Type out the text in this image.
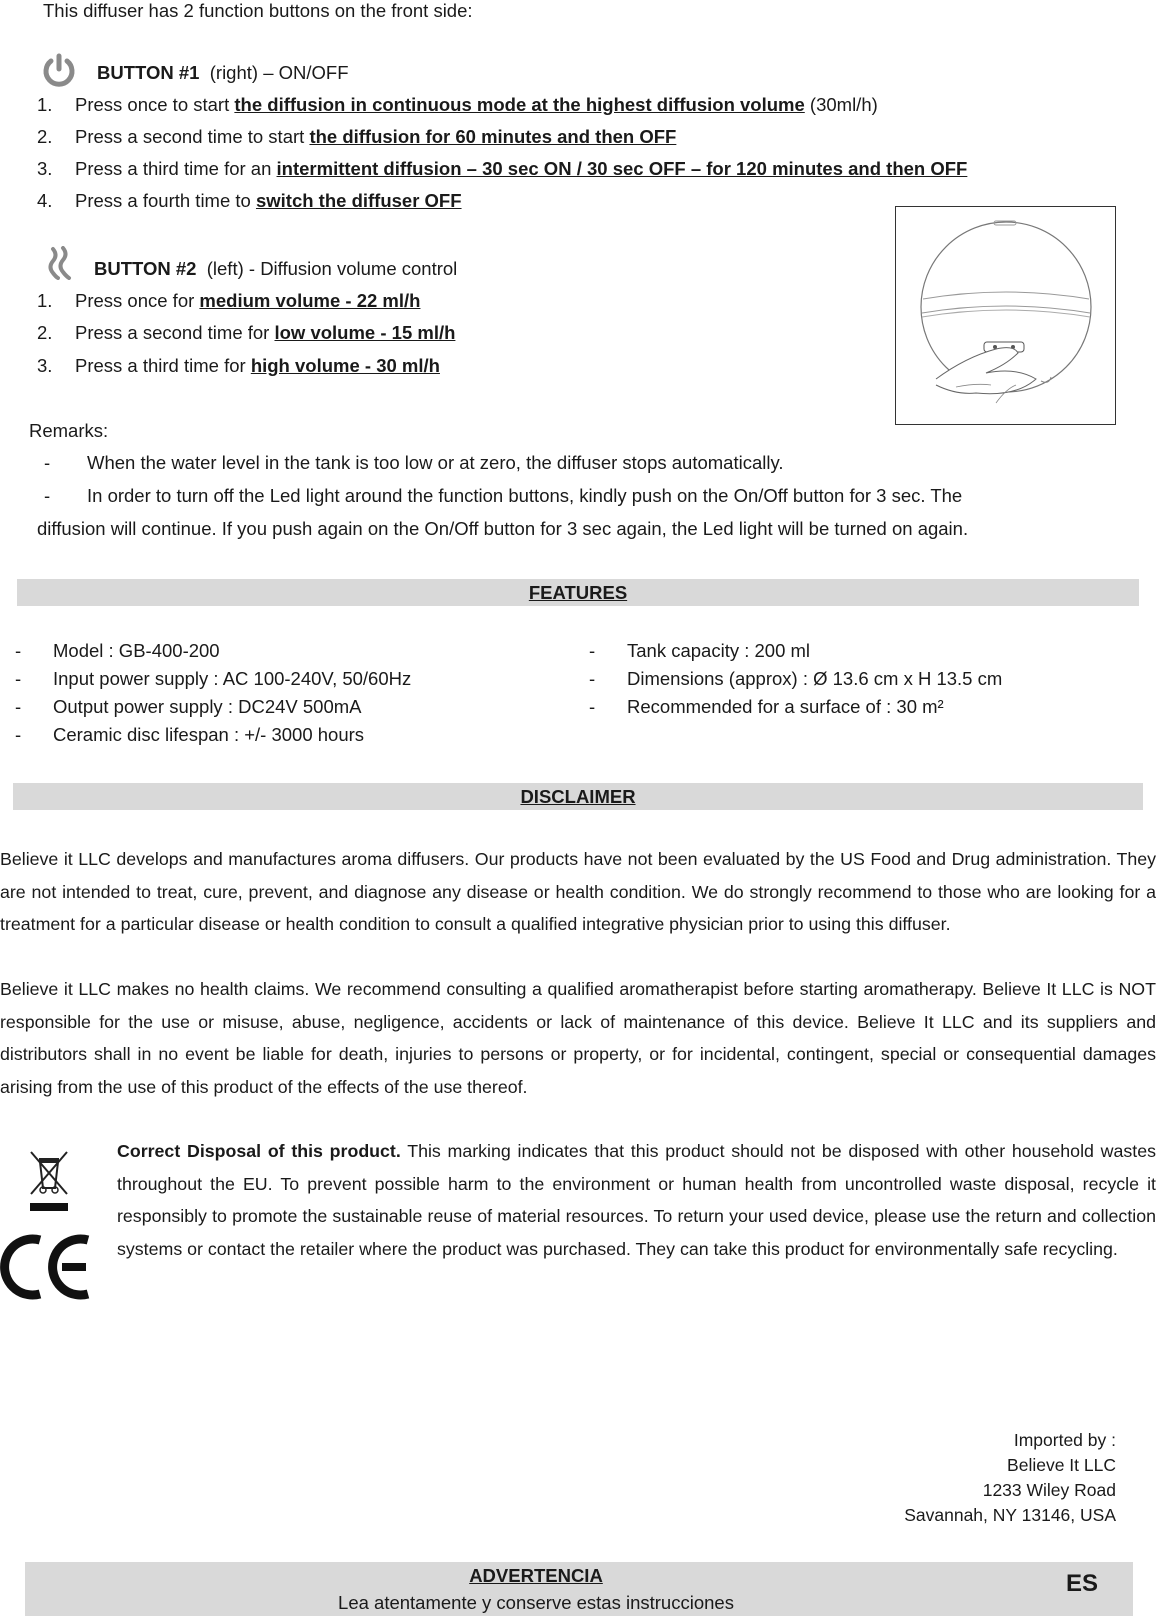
This diffuser has 2 function buttons on the front side:
BUTTON #1 (right) – ON/OFF
1. Press once to start the diffusion in continuous mode at the highest diffusion volume (30ml/h)
2. Press a second time to start the diffusion for 60 minutes and then OFF
3. Press a third time for an intermittent diffusion – 30 sec ON / 30 sec OFF – for 120 minutes and then OFF
4. Press a fourth time to switch the diffuser OFF
BUTTON #2 (left) - Diffusion volume control
1. Press once for medium volume - 22 ml/h
2. Press a second time for low volume - 15 ml/h
3. Press a third time for high volume - 30 ml/h
Remarks:
- When the water level in the tank is too low or at zero, the diffuser stops automatically.
- In order to turn off the Led light around the function buttons, kindly push on the On/Off button for 3 sec. The
diffusion will continue. If you push again on the On/Off button for 3 sec again, the Led light will be turned on again.
FEATURES
- Model : GB-400-200
- Input power supply : AC 100-240V, 50/60Hz
- Output power supply : DC24V 500mA
- Ceramic disc lifespan : +/- 3000 hours
- Tank capacity : 200 ml
- Dimensions (approx) : Ø 13.6 cm x H 13.5 cm
- Recommended for a surface of : 30 m²
DISCLAIMER
Believe it LLC develops and manufactures aroma diffusers. Our products have not been evaluated by the US Food and Drug administration. They are not intended to treat, cure, prevent, and diagnose any disease or health condition. We do strongly recommend to those who are looking for a treatment for a particular disease or health condition to consult a qualified integrative physician prior to using this diffuser.
Believe it LLC makes no health claims. We recommend consulting a qualified aromatherapist before starting aromatherapy. Believe It LLC is NOT responsible for the use or misuse, abuse, negligence, accidents or lack of maintenance of this device. Believe It LLC and its suppliers and distributors shall in no event be liable for death, injuries to persons or property, or for incidental, contingent, special or consequential damages arising from the use of this product of the effects of the use thereof.
Correct Disposal of this product. This marking indicates that this product should not be disposed with other household wastes throughout the EU. To prevent possible harm to the environment or human health from uncontrolled waste disposal, recycle it responsibly to promote the sustainable reuse of material resources. To return your used device, please use the return and collection systems or contact the retailer where the product was purchased. They can take this product for environmentally safe recycling.
Imported by :
Believe It LLC
1233 Wiley Road
Savannah, NY 13146, USA
ADVERTENCIA
Lea atentamente y conserve estas instrucciones
ES
